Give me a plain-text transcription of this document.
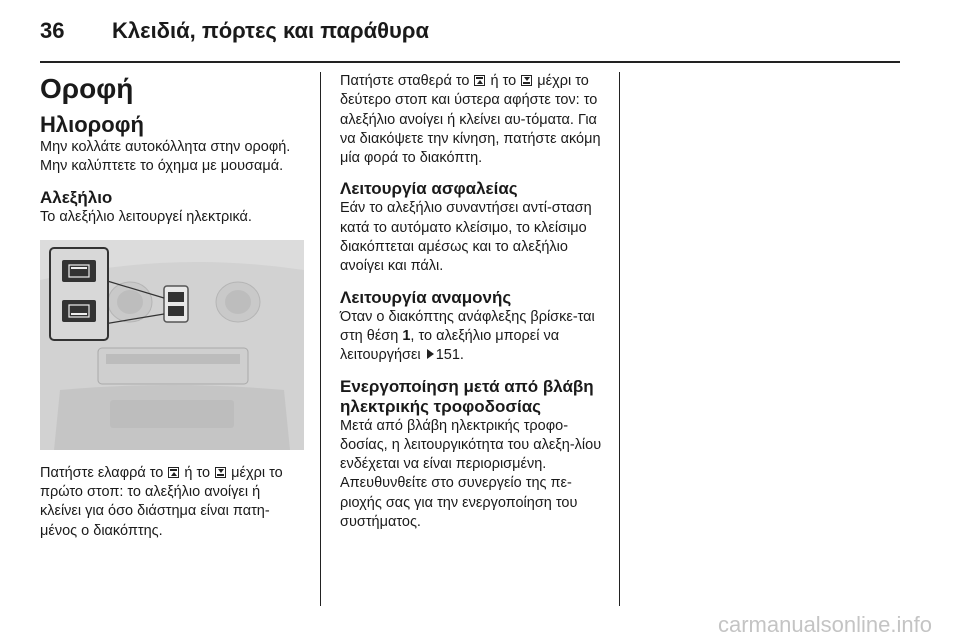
36 Κλειδιά, πόρτες και παράθυρα
Οροφή
Ηλιοροφή

Μην κολλάτε αυτοκόλλητα στην οροφή. Μην καλύπτετε το όχημα με μουσαμά.

Αλεξήλιο

Το αλεξήλιο λειτουργεί ηλεκτρικά.

Πατήστε ελαφρά το
ή το
μέχρι το πρώτο στοπ: το αλεξήλιο ανοίγει ή κλείνει για όσο διάστημα είναι πατη-μένος ο διακόπτης.

Πατήστε σταθερά το
ή το
μέχρι το δεύτερο στοπ και ύστερα αφήστε τον: το αλεξήλιο ανοίγει ή κλείνει αυ-τόματα. Για να διακόψετε την κίνηση, πατήστε ακόμη μία φορά το διακόπτη.

Λειτουργία ασφαλείας

Εάν το αλεξήλιο συναντήσει αντί-σταση κατά το αυτόματο κλείσιμο, το κλείσιμο διακόπτεται αμέσως και το αλεξήλιο ανοίγει και πάλι.

Λειτουργία αναμονής

Όταν ο διακόπτης ανάφλεξης βρίσκε-ται στη θέση 1, το αλεξήλιο μπορεί να λειτουργήσει 151.

Ενεργοποίηση μετά από βλάβη ηλεκτρικής τροφοδοσίας

Μετά από βλάβη ηλεκτρικής τροφο-δοσίας, η λειτουργικότητα του αλεξη-λίου ενδέχεται να είναι περιορισμένη. Απευθυνθείτε στο συνεργείο της πε-ριοχής σας για την ενεργοποίηση του συστήματος.

carmanualsonline.info
